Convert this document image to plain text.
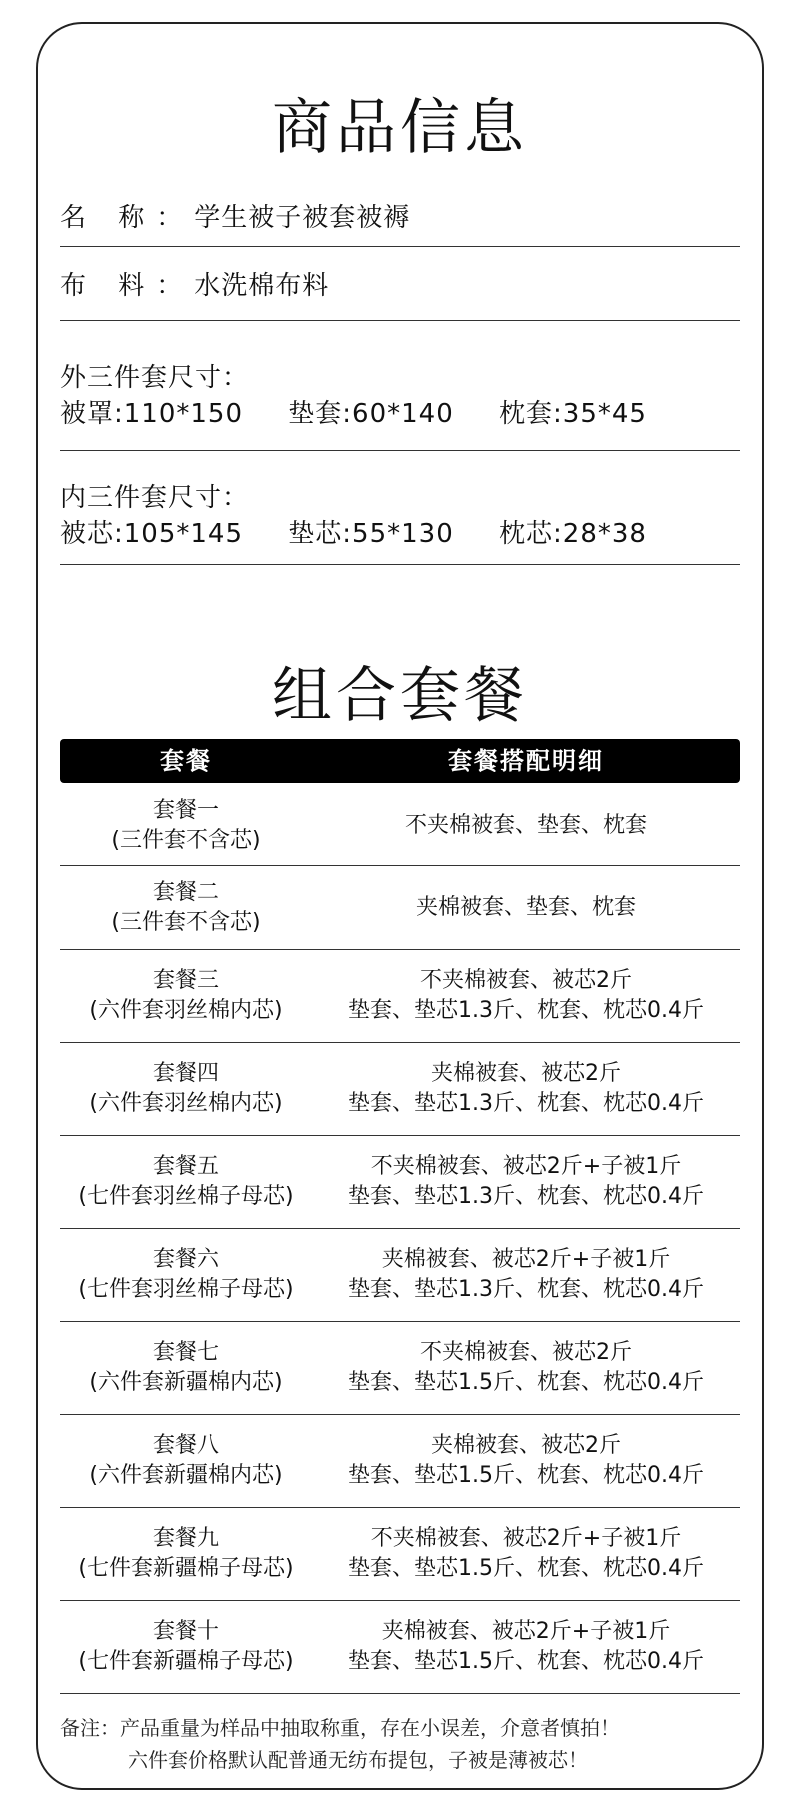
商品信息
名 称：学生被子被套被褥
布 料：水洗棉布料
外三件套尺寸：
被罩:110*150 垫套:60*140 枕套:35*45
内三件套尺寸：
被芯:105*145 垫芯:55*130 枕芯:28*38
组合套餐
套餐	套餐搭配明细
套餐一
(三件套不含芯)
不夹棉被套、垫套、枕套
套餐二
(三件套不含芯)
夹棉被套、垫套、枕套
套餐三
(六件套羽丝棉内芯)
不夹棉被套、被芯2斤
垫套、垫芯1.3斤、枕套、枕芯0.4斤
套餐四
(六件套羽丝棉内芯)
夹棉被套、被芯2斤
垫套、垫芯1.3斤、枕套、枕芯0.4斤
套餐五
(七件套羽丝棉子母芯)
不夹棉被套、被芯2斤+子被1斤
垫套、垫芯1.3斤、枕套、枕芯0.4斤
套餐六
(七件套羽丝棉子母芯)
夹棉被套、被芯2斤+子被1斤
垫套、垫芯1.3斤、枕套、枕芯0.4斤
套餐七
(六件套新疆棉内芯)
不夹棉被套、被芯2斤
垫套、垫芯1.5斤、枕套、枕芯0.4斤
套餐八
(六件套新疆棉内芯)
夹棉被套、被芯2斤
垫套、垫芯1.5斤、枕套、枕芯0.4斤
套餐九
(七件套新疆棉子母芯)
不夹棉被套、被芯2斤+子被1斤
垫套、垫芯1.5斤、枕套、枕芯0.4斤
套餐十
(七件套新疆棉子母芯)
夹棉被套、被芯2斤+子被1斤
垫套、垫芯1.5斤、枕套、枕芯0.4斤
备注：产品重量为样品中抽取称重，存在小误差，介意者慎拍！
六件套价格默认配普通无纺布提包，子被是薄被芯！
